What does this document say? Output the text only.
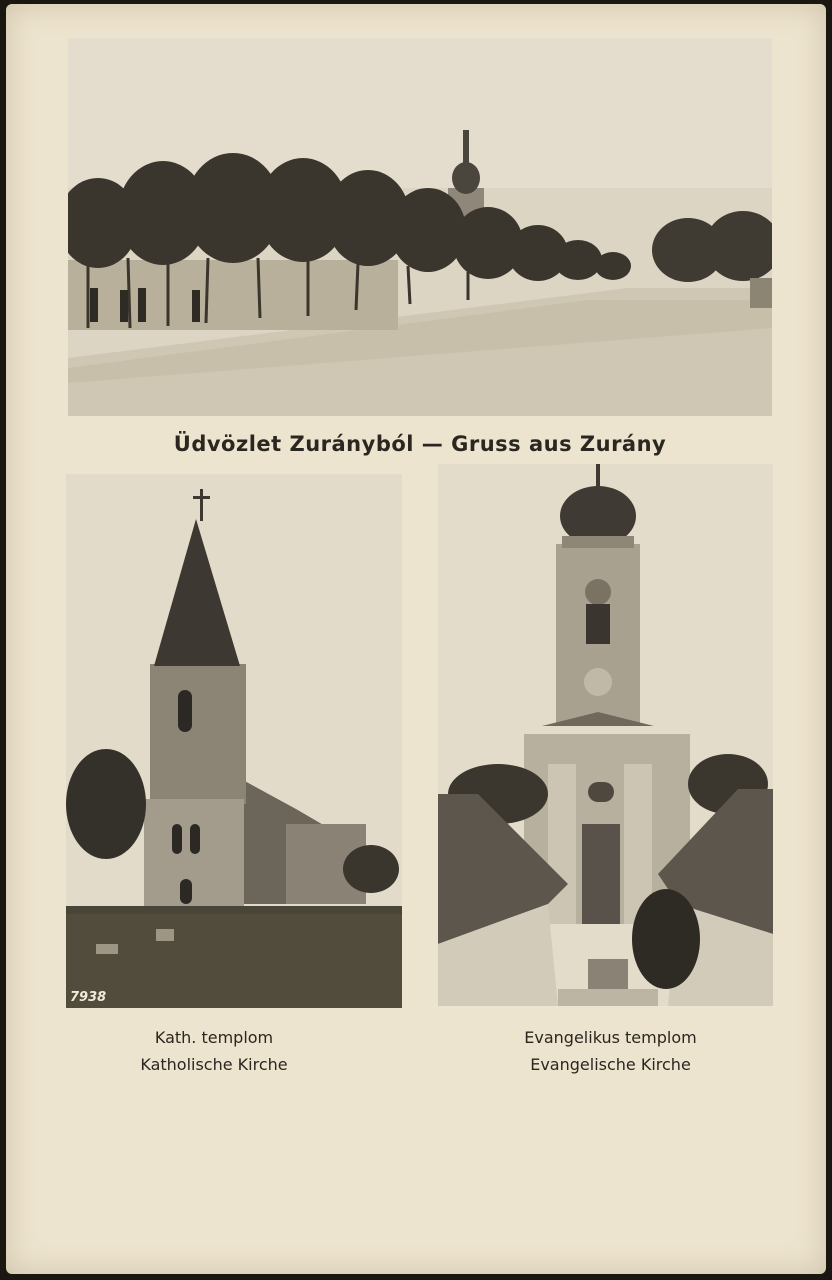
Üdvözlet Zurányból — Gruss aus Zurány
7938
Kath. templom
Katholische Kirche
Evangelikus templom
Evangelische Kirche
